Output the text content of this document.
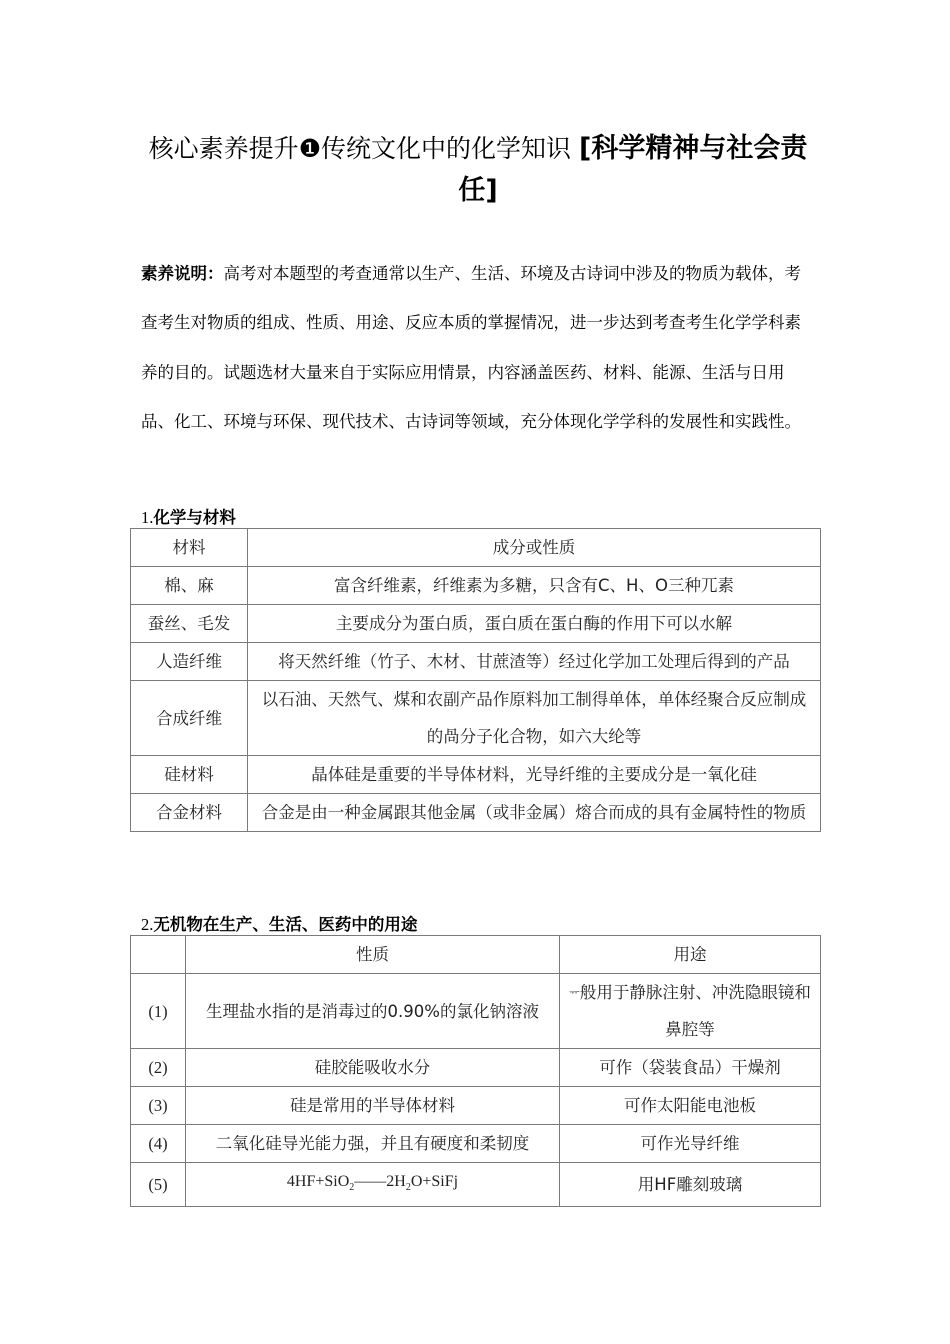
核心素养提升❶传统文化中的化学知识 [科学精神与社会责任]
素养说明：高考对本题型的考查通常以生产、生活、环境及古诗词中涉及的物质为载体，考查考生对物质的组成、性质、用途、反应本质的掌握情况，进一步达到考查考生化学学科素养的目的。试题选材大量来自于实际应用情景，内容涵盖医药、材料、能源、生活与日用品、化工、环境与环保、现代技术、古诗词等领域，充分体现化学学科的发展性和实践性。
1.化学与材料
材料	成分或性质
棉、麻	富含纤维素，纤维素为多糖，只含有C、H、O三种兀素
蚕丝、毛发	主要成分为蛋白质，蛋白质在蛋白酶的作用下可以水解
人造纤维	将天然纤维（竹子、木材、甘蔗渣等）经过化学加工处理后得到的产品
合成纤维	以石油、天然气、煤和农副产品作原料加工制得单体，单体经聚合反应制成的咼分子化合物，如六大纶等
硅材料	晶体硅是重要的半导体材料，光导纤维的主要成分是一氧化硅
合金材料	合金是由一种金属跟其他金属（或非金属）熔合而成的具有金属特性的物质
2.无机物在生产、生活、医药中的用途
	性质	用途
(1)	生理盐水指的是消毒过的0.90%的氯化钠溶液	$^ᅲ$般用于静脉注射、冲洗隐眼镜和鼻腔等
(2)	硅胶能吸收水分	可作（袋装食品）干燥剂
(3)	硅是常用的半导体材料	可作太阳能电池板
(4)	二氧化硅导光能力强，并且有硬度和柔韧度	可作光导纤维
(5)	$4HF+SiO_2——2H_2O+SiFj$	用HF雕刻玻璃
